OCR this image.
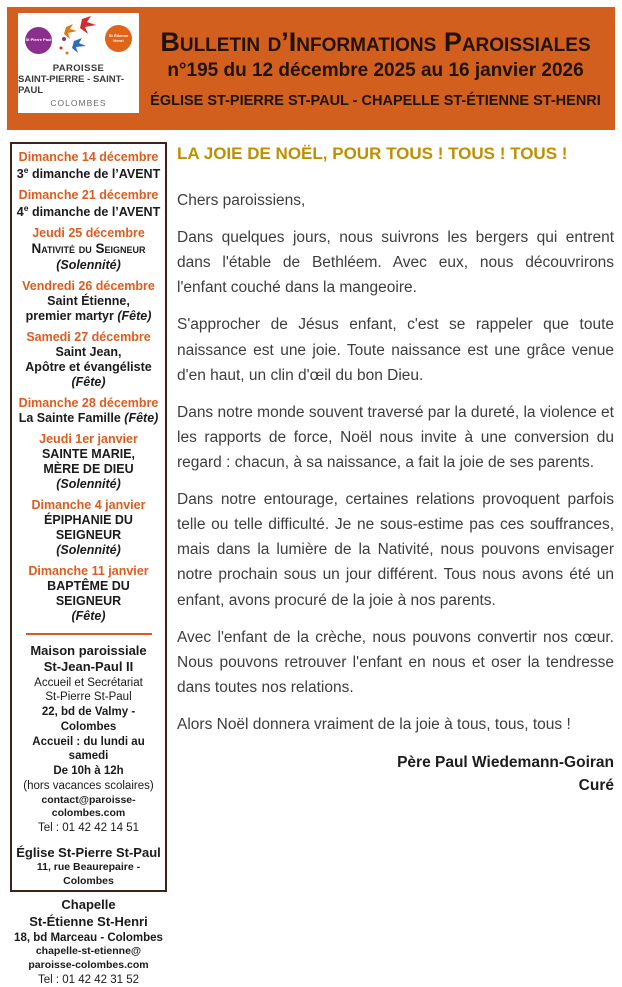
St Pierre Paul
St Étienne Henri
PAROISSE
SAINT-PIERRE - SAINT-PAUL
COLOMBES
Bulletin d’Informations Paroissiales
n°195 du 12 décembre 2025 au 16 janvier 2026
ÉGLISE ST-PIERRE ST-PAUL - CHAPELLE ST-ÉTIENNE ST-HENRI
Dimanche 14 décembre
3e dimanche de l’AVENT
Dimanche 21 décembre
4e dimanche de l’AVENT
Jeudi 25 décembre
Nativité du Seigneur
(Solennité)
Vendredi 26 décembre
Saint Étienne,
premier martyr (Fête)
Samedi 27 décembre
Saint Jean,
Apôtre et évangéliste
(Fête)
Dimanche 28 décembre
La Sainte Famille (Fête)
Jeudi 1er janvier
SAINTE MARIE,
MÈRE DE DIEU (Solennité)
Dimanche 4 janvier
ÉPIPHANIE DU SEIGNEUR
(Solennité)
Dimanche 11 janvier
BAPTÊME DU SEIGNEUR
(Fête)
Maison paroissiale
St-Jean-Paul II
Accueil et Secrétariat
St-Pierre St-Paul
22, bd de Valmy - Colombes
Accueil : du lundi au samedi
De 10h à 12h
(hors vacances scolaires)
contact@paroisse-colombes.com
Tel : 01 42 42 14 51
Église St-Pierre St-Paul
11, rue Beaurepaire - Colombes
Chapelle
St-Étienne St-Henri
18, bd Marceau - Colombes
chapelle-st-etienne@
paroisse-colombes.com
Tel : 01 42 42 31 52
LA JOIE DE NOËL, POUR TOUS ! TOUS ! TOUS !

Chers paroissiens,

Dans quelques jours, nous suivrons les bergers qui entrent dans l'étable de Bethléem. Avec eux, nous découvrirons l'enfant couché dans la mangeoire.

S'approcher de Jésus enfant, c'est se rappeler que toute naissance est une joie. Toute naissance est une grâce venue d'en haut, un clin d'œil du bon Dieu.

Dans notre monde souvent traversé par la dureté, la violence et les rapports de force, Noël nous invite à une conversion du regard : chacun, à sa naissance, a fait la joie de ses parents.

Dans notre entourage, certaines relations provoquent parfois telle ou telle difficulté. Je ne sous-estime pas ces souffrances, mais dans la lumière de la Nativité, nous pouvons envisager notre prochain sous un jour différent. Tous nous avons été un enfant, avons procuré de la joie à nos parents.

Avec l'enfant de la crèche, nous pouvons convertir nos cœur. Nous pouvons retrouver l'enfant en nous et oser la tendresse dans toutes nos relations.

Alors Noël donnera vraiment de la joie à tous, tous, tous !

Père Paul Wiedemann-Goiran
Curé
